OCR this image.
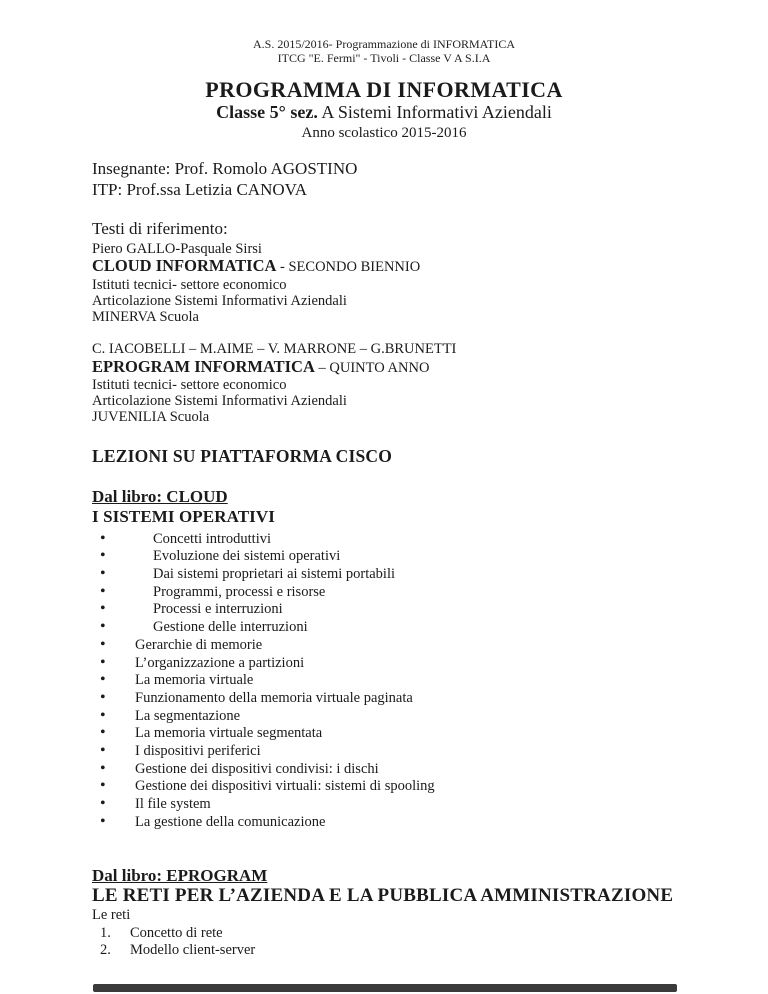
A.S. 2015/2016- Programmazione di INFORMATICA
ITCG "E. Fermi" - Tivoli - Classe V A S.I.A
PROGRAMMA DI INFORMATICA
Classe 5° sez. A Sistemi Informativi Aziendali
Anno scolastico 2015-2016
Insegnante: Prof. Romolo AGOSTINO
ITP: Prof.ssa Letizia CANOVA
Testi di riferimento:
Piero GALLO-Pasquale Sirsi
CLOUD INFORMATICA - SECONDO BIENNIO
Istituti tecnici- settore economico
Articolazione Sistemi Informativi Aziendali
MINERVA Scuola
C. IACOBELLI – M.AIME – V. MARRONE – G.BRUNETTI
EPROGRAM INFORMATICA – QUINTO ANNO
Istituti tecnici- settore economico
Articolazione Sistemi Informativi Aziendali
JUVENILIA Scuola
LEZIONI SU PIATTAFORMA CISCO
Dal libro: CLOUD
I SISTEMI OPERATIVI
• Concetti introduttivi
• Evoluzione dei sistemi operativi
• Dai sistemi proprietari ai sistemi portabili
• Programmi, processi e risorse
• Processi e interruzioni
• Gestione delle interruzioni
• Gerarchie di memorie
• L’organizzazione a partizioni
• La memoria virtuale
• Funzionamento della memoria virtuale paginata
• La segmentazione
• La memoria virtuale segmentata
• I dispositivi periferici
• Gestione dei dispositivi condivisi: i dischi
• Gestione dei dispositivi virtuali: sistemi di spooling
• Il file system
• La gestione della comunicazione
Dal libro: EPROGRAM
LE RETI PER L’AZIENDA E LA PUBBLICA AMMINISTRAZIONE
Le reti
Concetto di rete
Modello client-server
